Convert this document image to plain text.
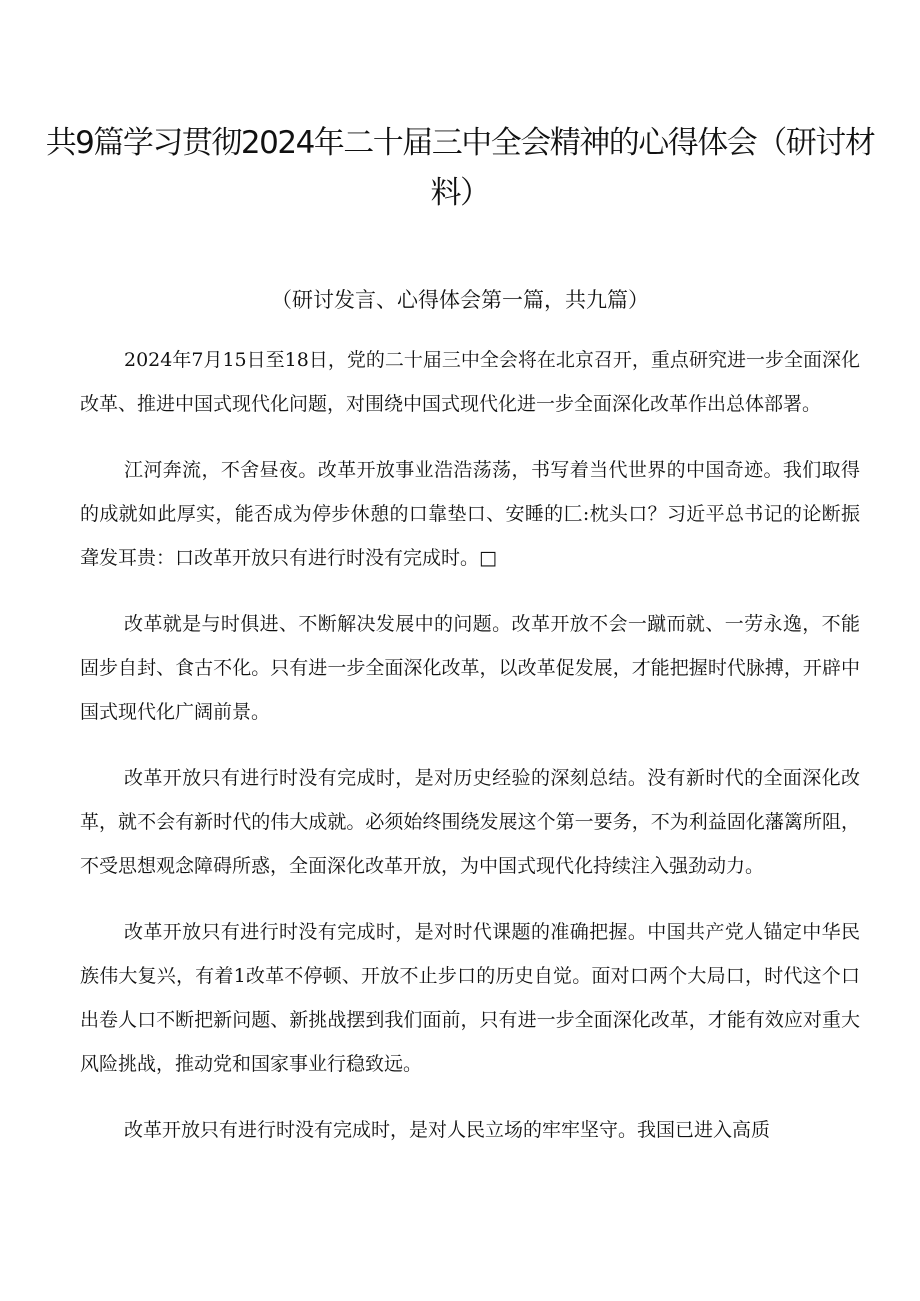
共9篇学习贯彻2024年二十届三中全会精神的心得体会（研讨材料）
（研讨发言、心得体会第一篇，共九篇）

2024年7月15日至18日，党的二十届三中全会将在北京召开，重点研究进一步全面深化改革、推进中国式现代化问题，对围绕中国式现代化进一步全面深化改革作出总体部署。

江河奔流，不舍昼夜。改革开放事业浩浩荡荡，书写着当代世界的中国奇迹。我们取得的成就如此厚实，能否成为停步休憩的口靠垫口、安睡的匚:枕头口？习近平总书记的论断振聋发耳贵：口改革开放只有进行时没有完成时。□

改革就是与时俱进、不断解决发展中的问题。改革开放不会一蹴而就、一劳永逸，不能固步自封、食古不化。只有进一步全面深化改革，以改革促发展，才能把握时代脉搏，开辟中国式现代化广阔前景。

改革开放只有进行时没有完成时，是对历史经验的深刻总结。没有新时代的全面深化改革，就不会有新时代的伟大成就。必须始终围绕发展这个第一要务，不为利益固化藩篱所阻，不受思想观念障碍所惑，全面深化改革开放，为中国式现代化持续注入强劲动力。

改革开放只有进行时没有完成时，是对时代课题的准确把握。中国共产党人锚定中华民族伟大复兴，有着1改革不停顿、开放不止步口的历史自觉。面对口两个大局口，时代这个口出卷人口不断把新问题、新挑战摆到我们面前，只有进一步全面深化改革，才能有效应对重大风险挑战，推动党和国家事业行稳致远。

改革开放只有进行时没有完成时，是对人民立场的牢牢坚守。我国已进入高质
